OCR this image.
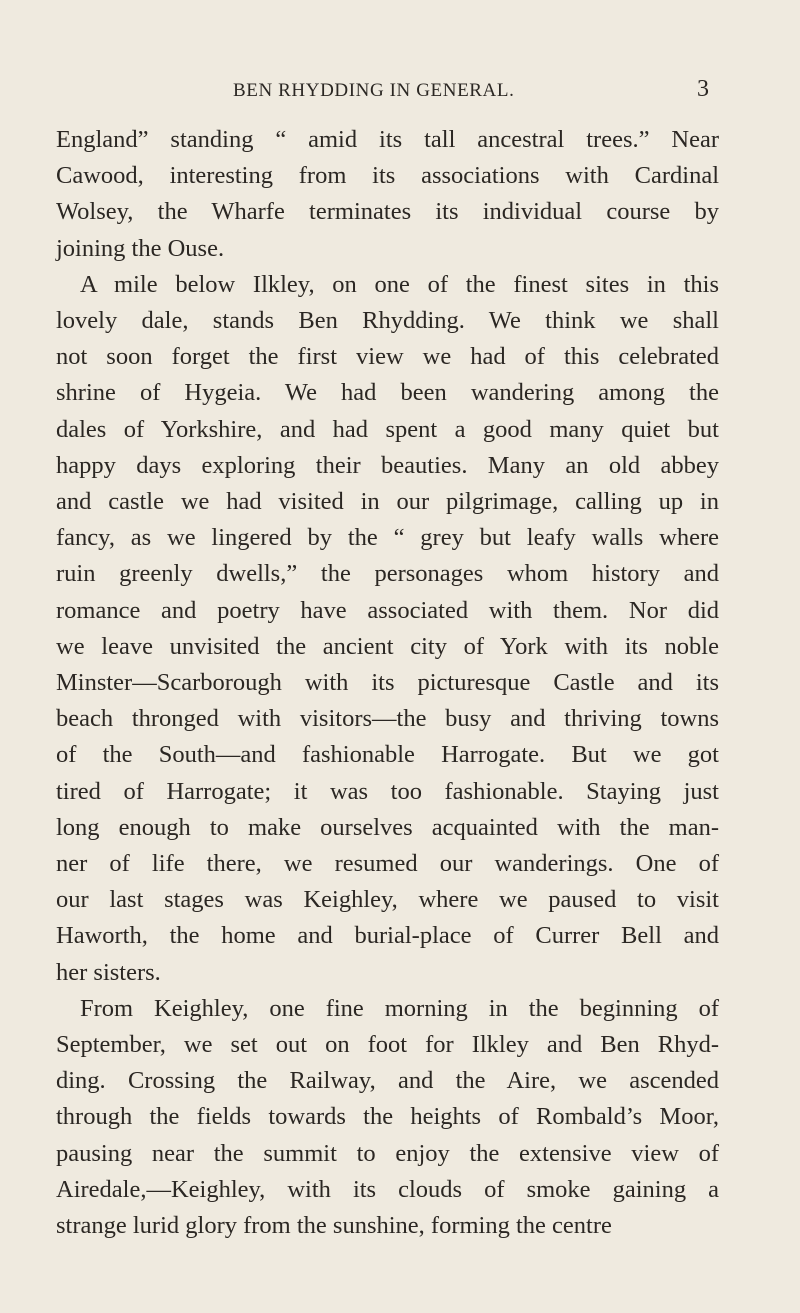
BEN RHYDDING IN GENERAL.	3

England” standing “ amid its tall ancestral trees.” Near
Cawood, interesting from its associations with Cardinal
Wolsey, the Wharfe terminates its individual course by
joining the Ouse.

A mile below Ilkley, on one of the finest sites in this
lovely dale, stands Ben Rhydding. We think we shall
not soon forget the first view we had of this celebrated
shrine of Hygeia. We had been wandering among the
dales of Yorkshire, and had spent a good many quiet but
happy days exploring their beauties. Many an old abbey
and castle we had visited in our pilgrimage, calling up in
fancy, as we lingered by the “ grey but leafy walls where
ruin greenly dwells,” the personages whom history and
romance and poetry have associated with them. Nor did
we leave unvisited the ancient city of York with its noble
Minster—Scarborough with its picturesque Castle and its
beach thronged with visitors—the busy and thriving towns
of the South—and fashionable Harrogate. But we got
tired of Harrogate; it was too fashionable. Staying just
long enough to make ourselves acquainted with the man-
ner of life there, we resumed our wanderings. One of
our last stages was Keighley, where we paused to visit
Haworth, the home and burial-place of Currer Bell and
her sisters.

From Keighley, one fine morning in the beginning of
September, we set out on foot for Ilkley and Ben Rhyd-
ding. Crossing the Railway, and the Aire, we ascended
through the fields towards the heights of Rombald’s Moor,
pausing near the summit to enjoy the extensive view of
Airedale,—Keighley, with its clouds of smoke gaining a
strange lurid glory from the sunshine, forming the centre
